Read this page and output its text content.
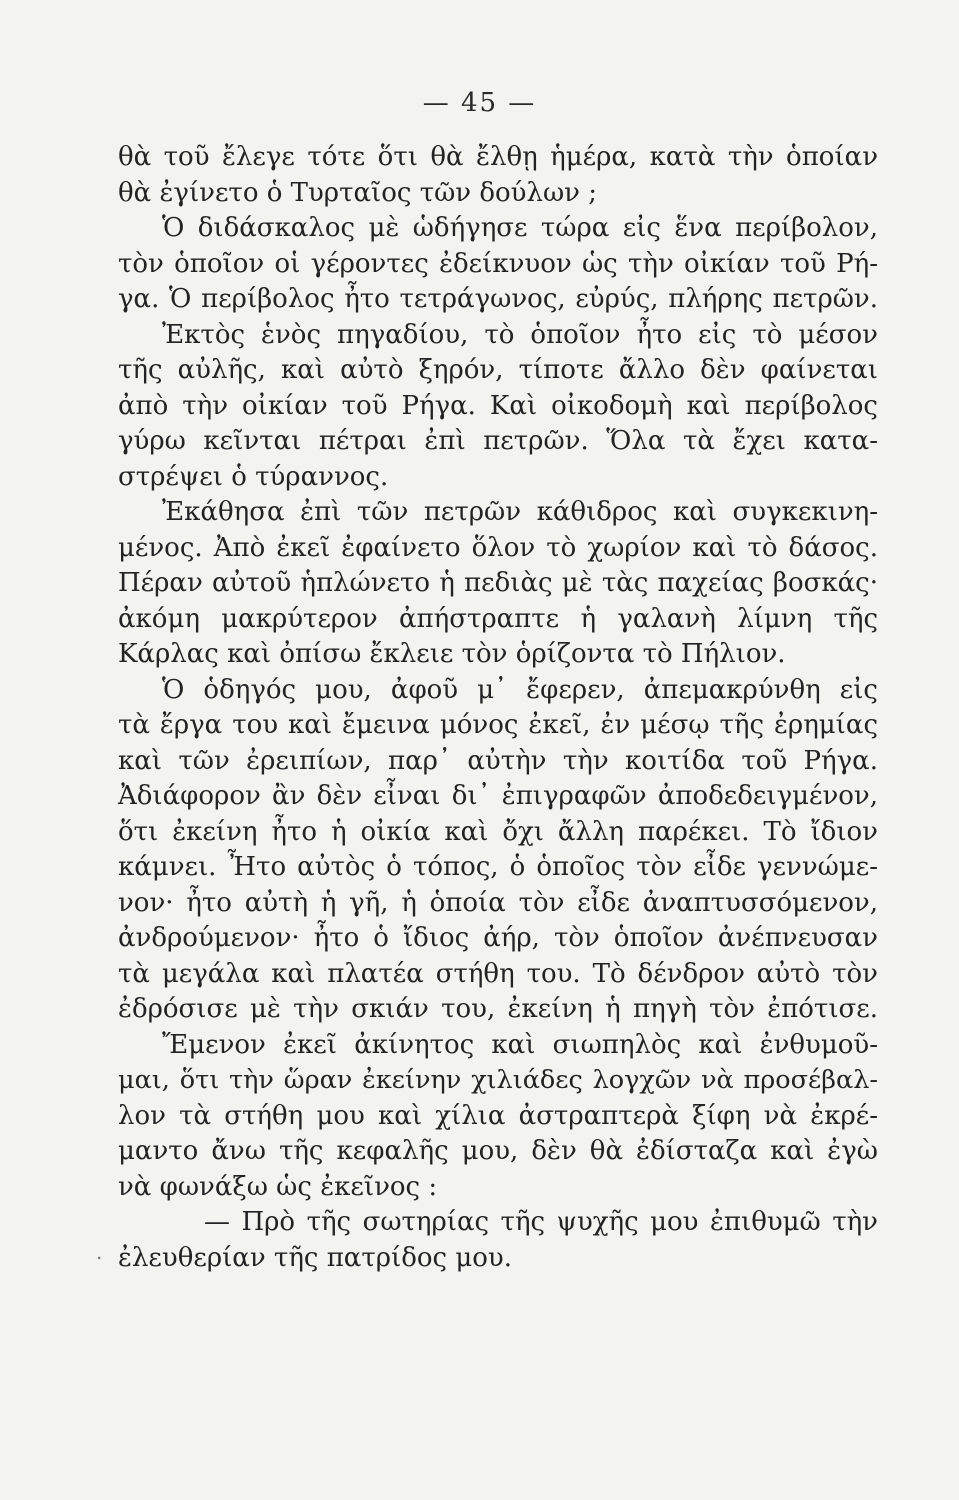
— 45 —
.
θὰ τοῦ ἔλεγε τότε ὅτι θὰ ἔλθῃ ἡμέρα, κατὰ τὴν ὁποίαν
θὰ ἐγίνετο ὁ Τυρταῖος τῶν δούλων ;
Ὁ διδάσκαλος μὲ ὡδήγησε τώρα εἰς ἕνα περίβολον,
τὸν ὁποῖον οἱ γέροντες ἐδείκνυον ὡς τὴν οἰκίαν τοῦ Ρή-
γα. Ὁ περίβολος ἦτο τετράγωνος, εὐρύς, πλήρης πετρῶν.
Ἐκτὸς ἑνὸς πηγαδίου, τὸ ὁποῖον ἦτο εἰς τὸ μέσον
τῆς αὐλῆς, καὶ αὐτὸ ξηρόν, τίποτε ἄλλο δὲν φαίνεται
ἀπὸ τὴν οἰκίαν τοῦ Ρήγα. Καὶ οἰκοδομὴ καὶ περίβολος
γύρω κεῖνται πέτραι ἐπὶ πετρῶν. Ὅλα τὰ ἔχει κατα-
στρέψει ὁ τύραννος.
Ἐκάθησα ἐπὶ τῶν πετρῶν κάθιδρος καὶ συγκεκινη-
μένος. Ἀπὸ ἐκεῖ ἐφαίνετο ὅλον τὸ χωρίον καὶ τὸ δάσος.
Πέραν αὐτοῦ ἡπλώνετο ἡ πεδιὰς μὲ τὰς παχείας βοσκάς·
ἀκόμη μακρύτερον ἀπήστραπτε ἡ γαλανὴ λίμνη τῆς
Κάρλας καὶ ὀπίσω ἔκλειε τὸν ὁρίζοντα τὸ Πήλιον.
Ὁ ὁδηγός μου, ἀφοῦ μ᾽ ἔφερεν, ἀπεμακρύνθη εἰς
τὰ ἔργα του καὶ ἔμεινα μόνος ἐκεῖ, ἐν μέσῳ τῆς ἐρημίας
καὶ τῶν ἐρειπίων, παρ᾽ αὐτὴν τὴν κοιτίδα τοῦ Ρήγα.
Ἀδιάφορον ἂν δὲν εἶναι δι᾽ ἐπιγραφῶν ἀποδεδειγμένον,
ὅτι ἐκείνη ἦτο ἡ οἰκία καὶ ὄχι ἄλλη παρέκει. Τὸ ἴδιον
κάμνει. Ἦτο αὐτὸς ὁ τόπος, ὁ ὁποῖος τὸν εἶδε γεννώμε-
νον· ἦτο αὐτὴ ἡ γῆ, ἡ ὁποία τὸν εἶδε ἀναπτυσσόμενον,
ἀνδρούμενον· ἦτο ὁ ἴδιος ἀήρ, τὸν ὁποῖον ἀνέπνευσαν
τὰ μεγάλα καὶ πλατέα στήθη του. Τὸ δένδρον αὐτὸ τὸν
ἐδρόσισε μὲ τὴν σκιάν του, ἐκείνη ἡ πηγὴ τὸν ἐπότισε.
Ἔμενον ἐκεῖ ἀκίνητος καὶ σιωπηλὸς καὶ ἐνθυμοῦ-
μαι, ὅτι τὴν ὥραν ἐκείνην χιλιάδες λογχῶν νὰ προσέβαλ-
λον τὰ στήθη μου καὶ χίλια ἀστραπτερὰ ξίφη νὰ ἐκρέ-
μαντο ἄνω τῆς κεφαλῆς μου, δὲν θὰ ἐδίσταζα καὶ ἐγὼ
νὰ φωνάξω ὡς ἐκεῖνος :
— Πρὸ τῆς σωτηρίας τῆς ψυχῆς μου ἐπιθυμῶ τὴν
ἐλευθερίαν τῆς πατρίδος μου.
